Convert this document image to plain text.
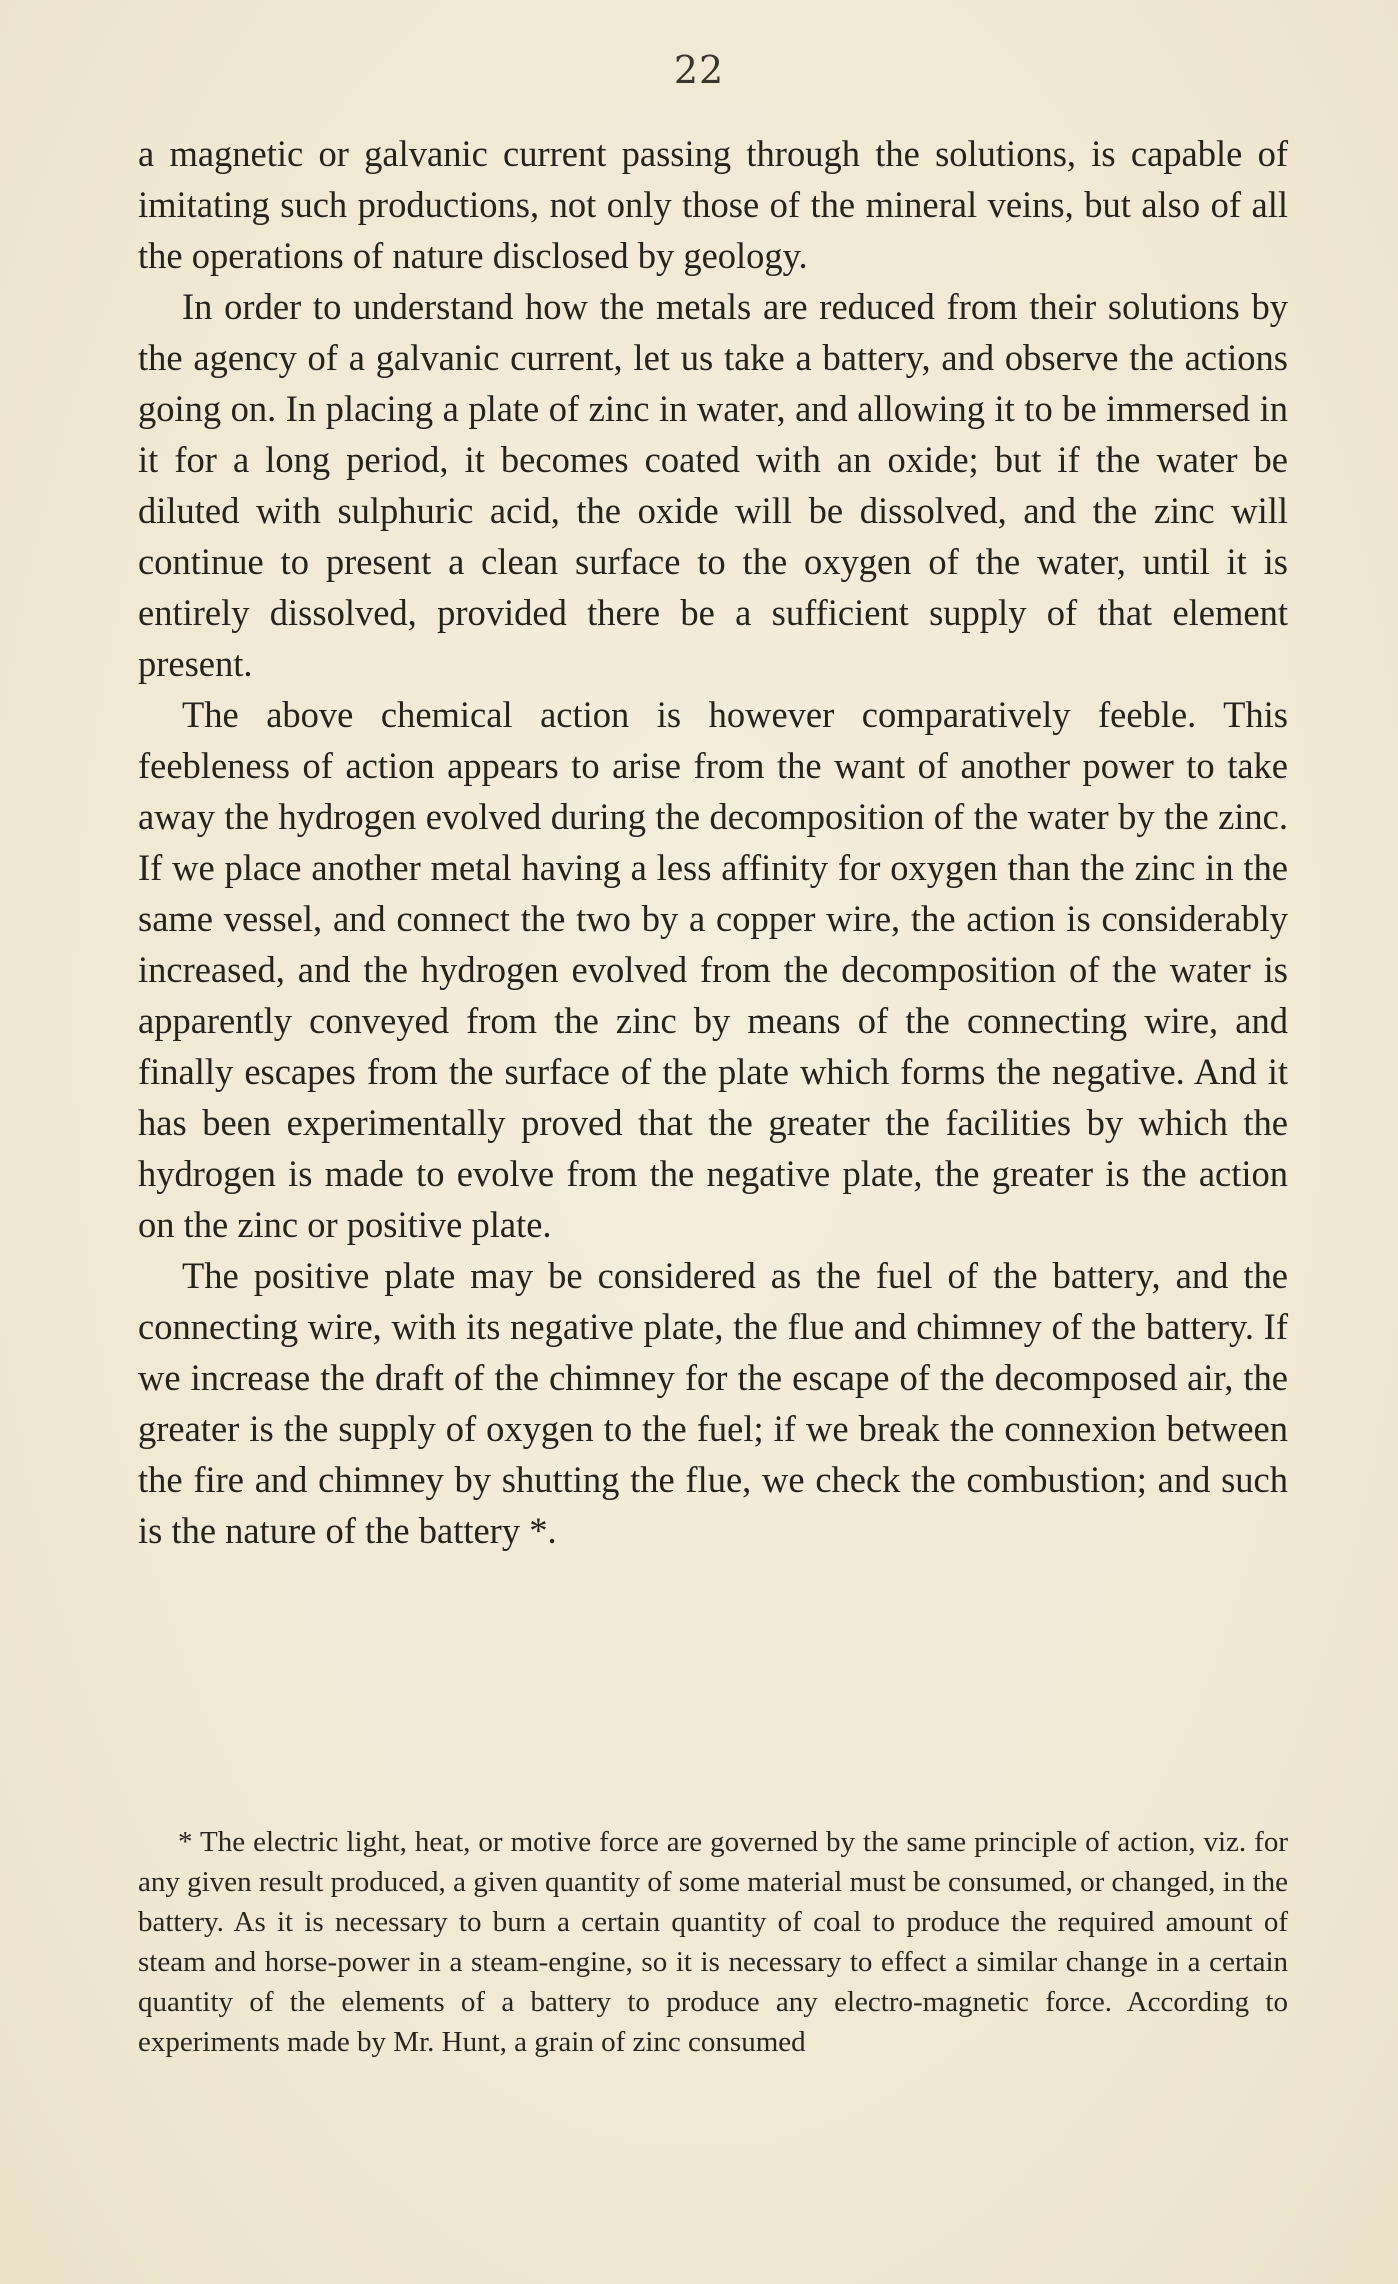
22

a magnetic or galvanic current passing through the solutions, is capable of imitating such productions, not only those of the mineral veins, but also of all the operations of nature disclosed by geology.

In order to understand how the metals are reduced from their solutions by the agency of a galvanic current, let us take a battery, and observe the actions going on. In placing a plate of zinc in water, and allowing it to be immersed in it for a long period, it becomes coated with an oxide; but if the water be diluted with sulphuric acid, the oxide will be dissolved, and the zinc will continue to present a clean surface to the oxygen of the water, until it is entirely dissolved, provided there be a sufficient supply of that element present.

The above chemical action is however comparatively feeble. This feebleness of action appears to arise from the want of another power to take away the hydrogen evolved during the decomposition of the water by the zinc. If we place another metal having a less affinity for oxygen than the zinc in the same vessel, and connect the two by a copper wire, the action is considerably increased, and the hydrogen evolved from the decomposition of the water is apparently conveyed from the zinc by means of the connecting wire, and finally escapes from the surface of the plate which forms the negative. And it has been experimentally proved that the greater the facilities by which the hydrogen is made to evolve from the negative plate, the greater is the action on the zinc or positive plate.

The positive plate may be considered as the fuel of the battery, and the connecting wire, with its negative plate, the flue and chimney of the battery. If we increase the draft of the chimney for the escape of the decomposed air, the greater is the supply of oxygen to the fuel; if we break the connexion between the fire and chimney by shutting the flue, we check the combustion; and such is the nature of the battery *.

* The electric light, heat, or motive force are governed by the same principle of action, viz. for any given result produced, a given quantity of some material must be consumed, or changed, in the battery. As it is necessary to burn a certain quantity of coal to produce the required amount of steam and horse-power in a steam-engine, so it is necessary to effect a similar change in a certain quantity of the elements of a battery to produce any electro-magnetic force. According to experiments made by Mr. Hunt, a grain of zinc consumed
